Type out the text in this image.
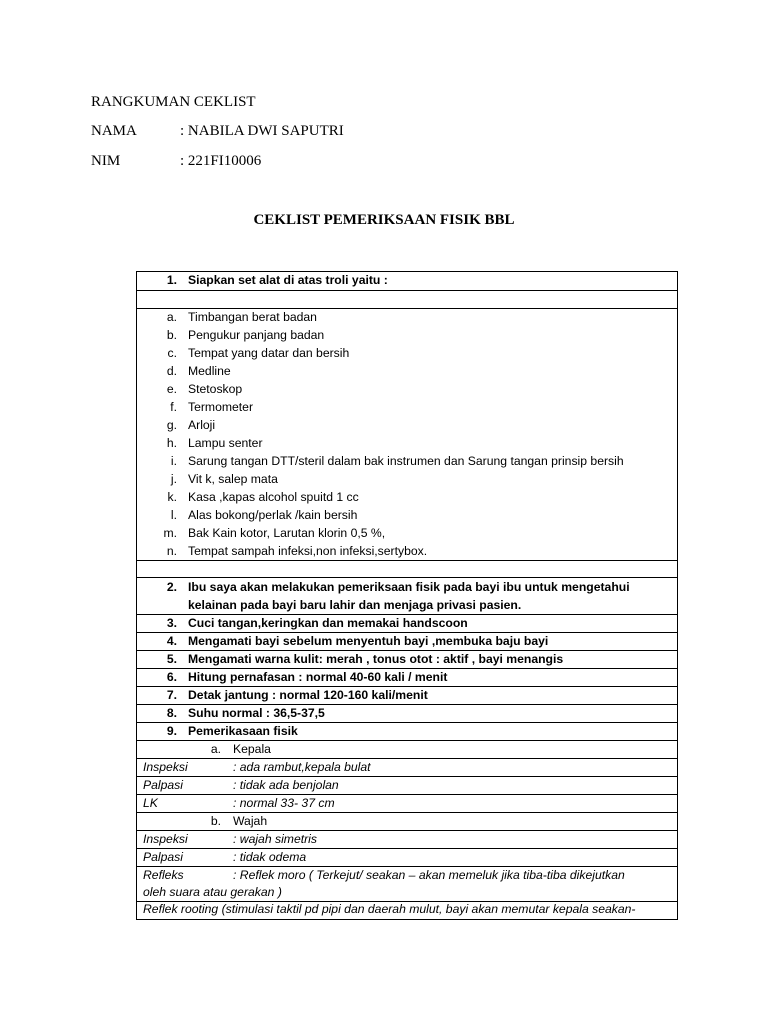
RANGKUMAN CEKLIST
NAMA	: NABILA DWI SAPUTRI
NIM	: 221FI10006
CEKLIST PEMERIKSAAN FISIK BBL
1. Siapkan set alat di atas troli yaitu :
a. Timbangan berat badan
b. Pengukur panjang badan
c. Tempat yang datar dan bersih
d. Medline
e. Stetoskop
f. Termometer
g. Arloji
h. Lampu senter
i. Sarung tangan DTT/steril dalam bak instrumen dan Sarung tangan prinsip bersih
j. Vit k, salep mata
k. Kasa ,kapas alcohol spuitd 1 cc
l. Alas bokong/perlak /kain bersih
m. Bak Kain kotor, Larutan klorin 0,5 %,
n. Tempat sampah infeksi,non infeksi,sertybox.
2. Ibu saya akan melakukan pemeriksaan fisik pada bayi ibu untuk mengetahui
kelainan pada bayi baru lahir dan menjaga privasi pasien.
3. Cuci tangan,keringkan dan memakai handscoon
4. Mengamati bayi sebelum menyentuh bayi ,membuka baju bayi
5. Mengamati warna kulit: merah , tonus otot : aktif , bayi menangis
6. Hitung pernafasan : normal 40-60 kali / menit
7. Detak jantung : normal 120-160 kali/menit
8. Suhu normal : 36,5-37,5
9. Pemerikasaan fisik
a. Kepala
Inspeksi	: ada rambut,kepala bulat
Palpasi	: tidak ada benjolan
LK	: normal 33- 37 cm
b. Wajah
Inspeksi	: wajah simetris
Palpasi	: tidak odema
Refleks	: Reflek moro ( Terkejut/ seakan – akan memeluk jika tiba-tiba dikejutkan
oleh suara atau gerakan )
Reflek rooting (stimulasi taktil pd pipi dan daerah mulut, bayi akan memutar kepala seakan-
